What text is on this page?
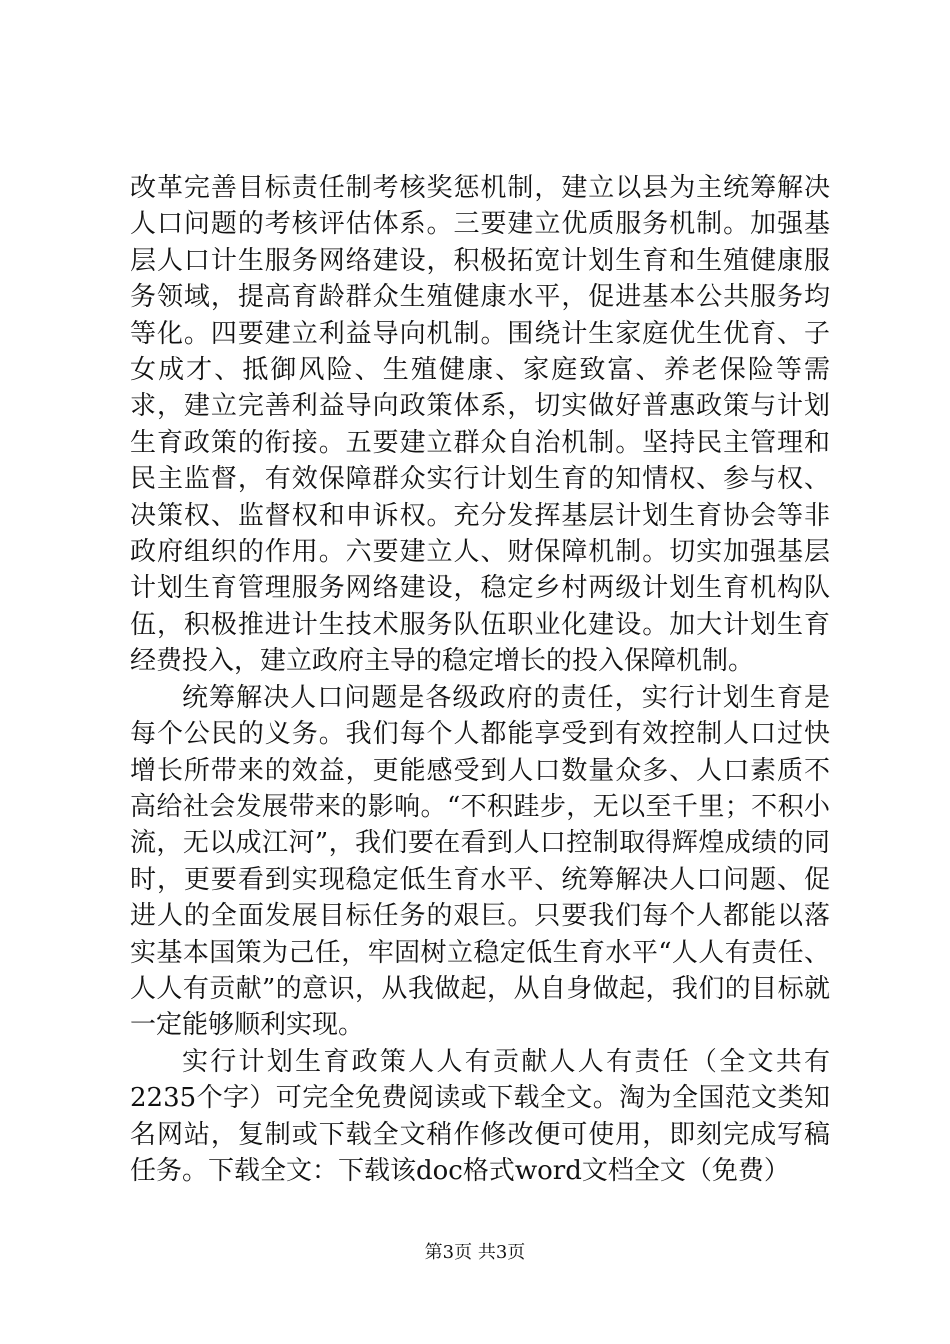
改革完善目标责任制考核奖惩机制，建立以县为主统筹解决人口问题的考核评估体系。三要建立优质服务机制。加强基层人口计生服务网络建设，积极拓宽计划生育和生殖健康服务领域，提高育龄群众生殖健康水平，促进基本公共服务均等化。四要建立利益导向机制。围绕计生家庭优生优育、子女成才、抵御风险、生殖健康、家庭致富、养老保险等需求，建立完善利益导向政策体系，切实做好普惠政策与计划生育政策的衔接。五要建立群众自治机制。坚持民主管理和民主监督，有效保障群众实行计划生育的知情权、参与权、决策权、监督权和申诉权。充分发挥基层计划生育协会等非政府组织的作用。六要建立人、财保障机制。切实加强基层计划生育管理服务网络建设，稳定乡村两级计划生育机构队伍，积极推进计生技术服务队伍职业化建设。加大计划生育经费投入，建立政府主导的稳定增长的投入保障机制。

统筹解决人口问题是各级政府的责任，实行计划生育是每个公民的义务。我们每个人都能享受到有效控制人口过快增长所带来的效益，更能感受到人口数量众多、人口素质不高给社会发展带来的影响。“不积跬步，无以至千里；不积小流，无以成江河”，我们要在看到人口控制取得辉煌成绩的同时，更要看到实现稳定低生育水平、统筹解决人口问题、促进人的全面发展目标任务的艰巨。只要我们每个人都能以落实基本国策为己任，牢固树立稳定低生育水平“人人有责任、人人有贡献”的意识，从我做起，从自身做起，我们的目标就一定能够顺利实现。

实行计划生育政策人人有贡献人人有责任（全文共有2235个字）可完全免费阅读或下载全文。淘为全国范文类知名网站，复制或下载全文稍作修改便可使用，即刻完成写稿任务。下载全文：下载该doc格式word文档全文（免费）

第3页 共3页
